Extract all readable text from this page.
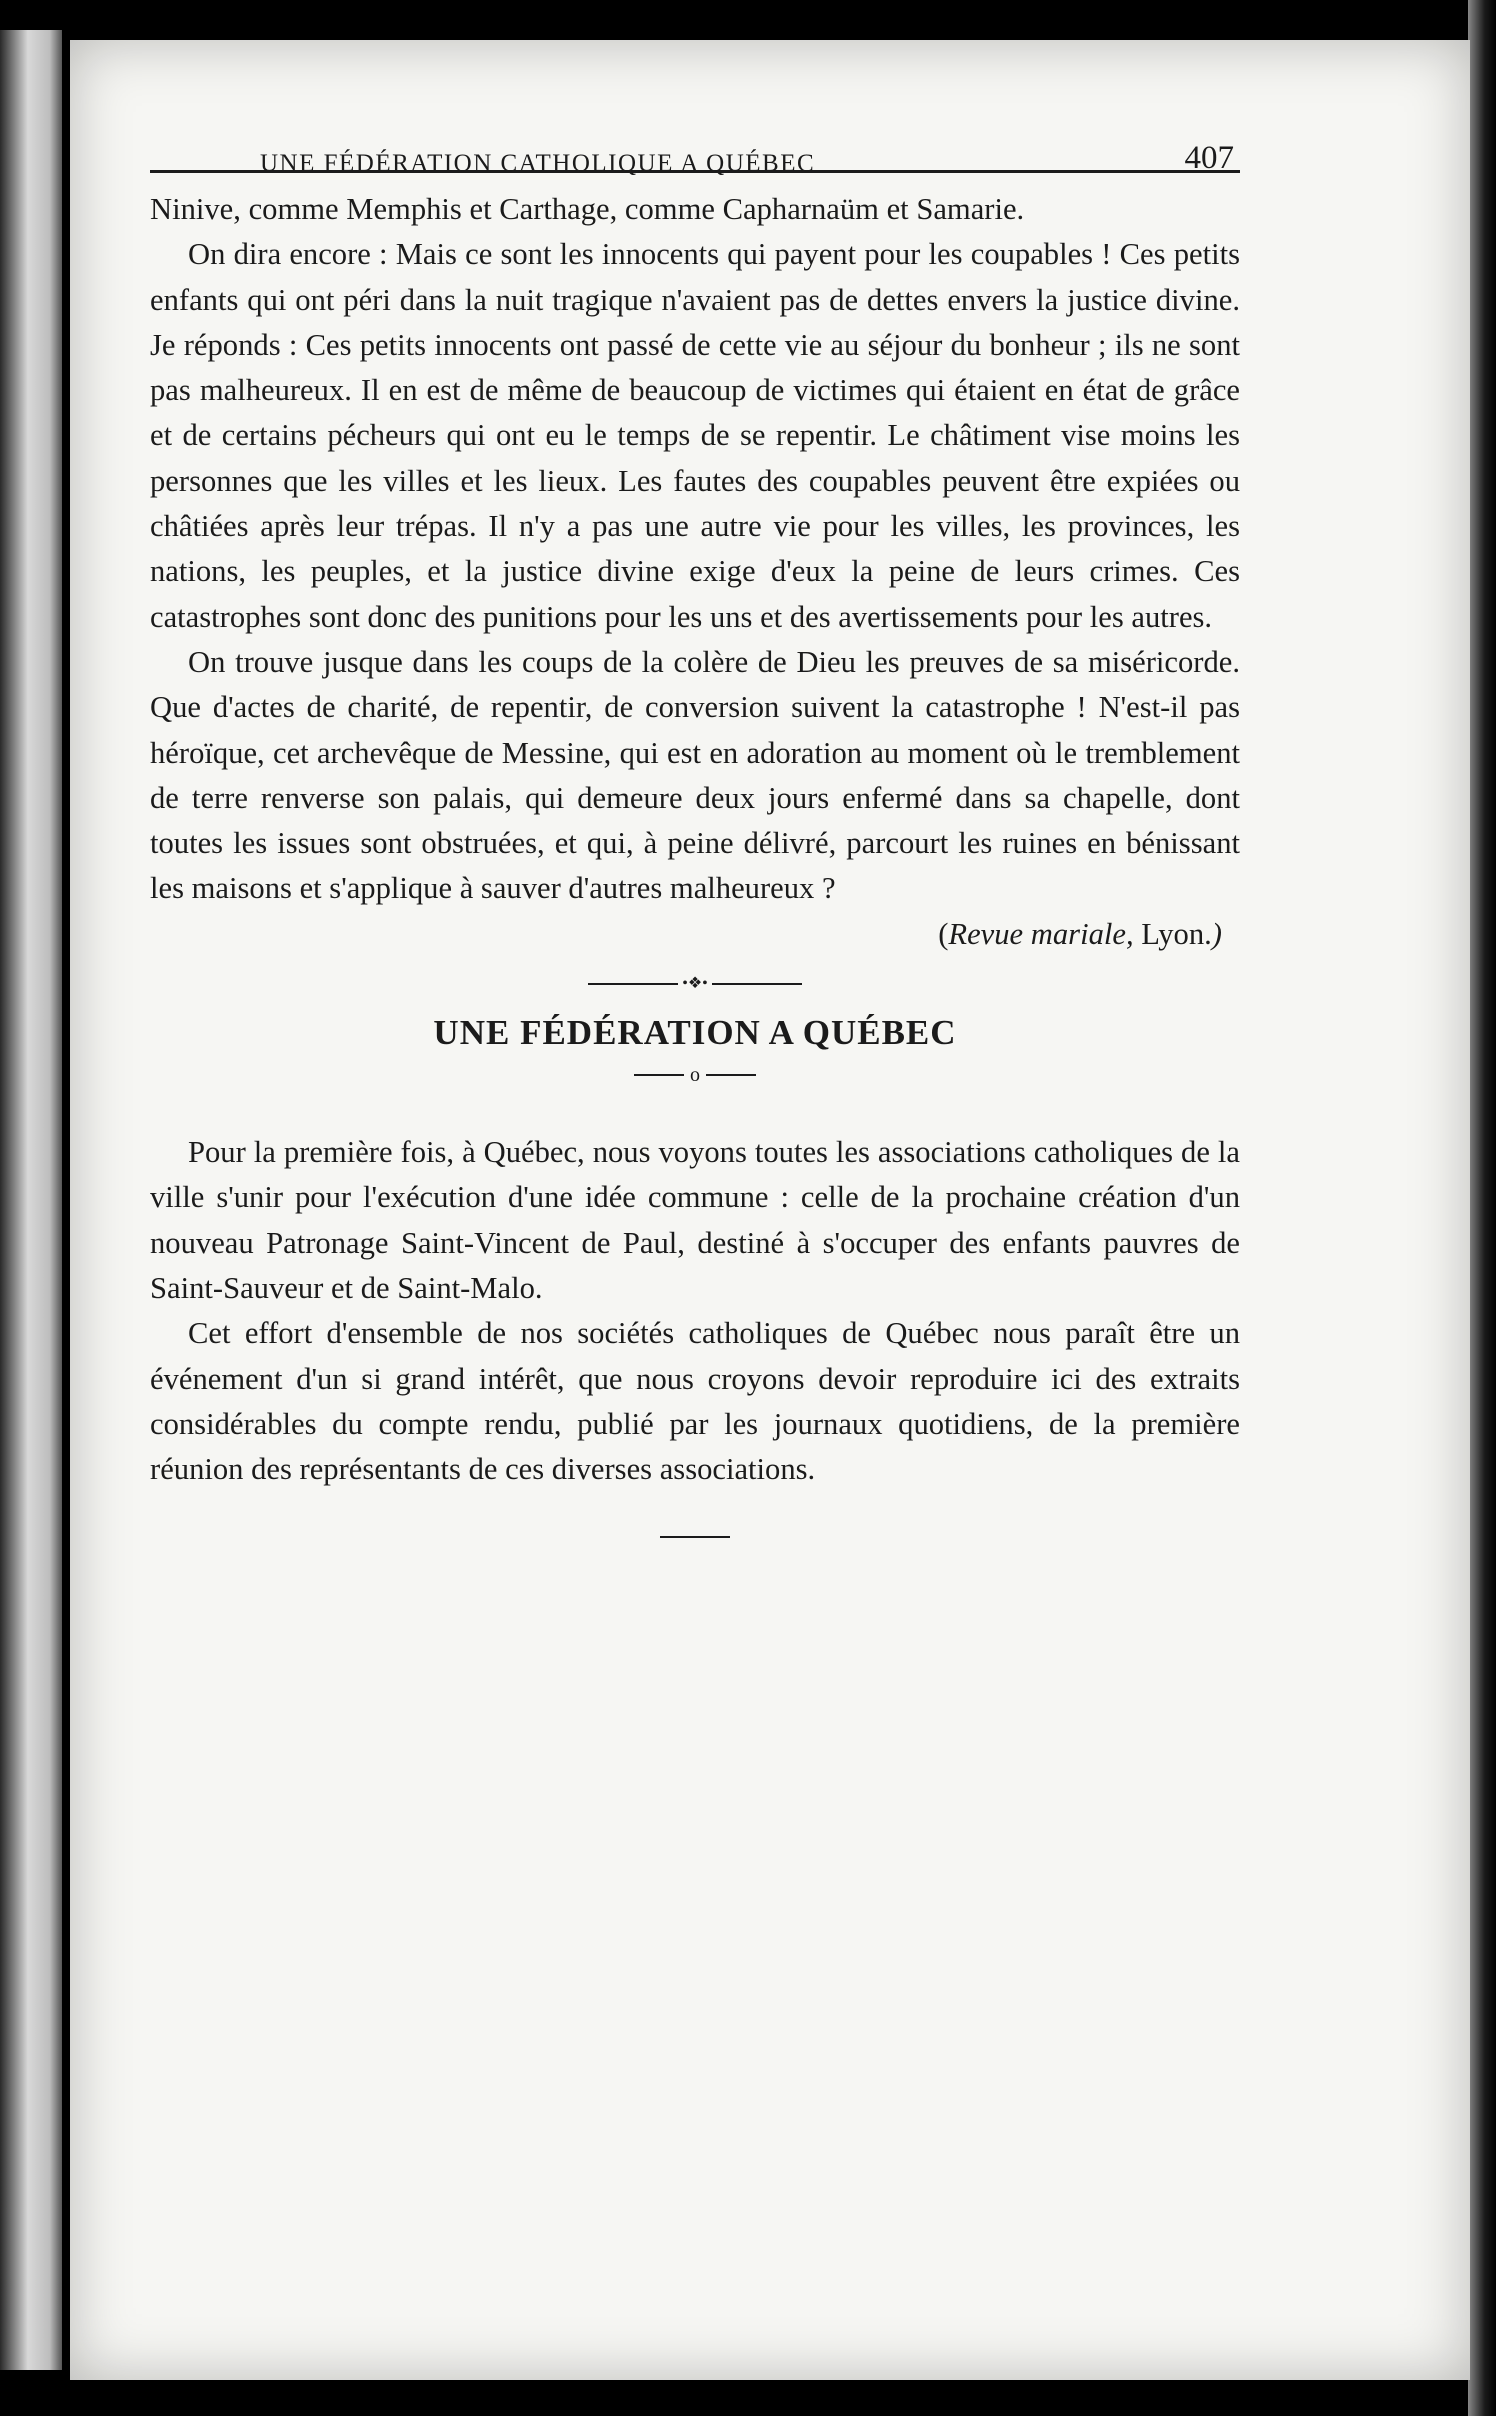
UNE FÉDÉRATION CATHOLIQUE A QUÉBEC	407

Ninive, comme Memphis et Carthage, comme Capharnaüm et Samarie.

On dira encore : Mais ce sont les innocents qui payent pour les coupables ! Ces petits enfants qui ont péri dans la nuit tragique n'avaient pas de dettes envers la justice divine. Je réponds : Ces petits innocents ont passé de cette vie au séjour du bonheur ; ils ne sont pas malheureux. Il en est de même de beaucoup de victimes qui étaient en état de grâce et de certains pécheurs qui ont eu le temps de se repentir. Le châtiment vise moins les personnes que les villes et les lieux. Les fautes des coupables peuvent être expiées ou châtiées après leur trépas. Il n'y a pas une autre vie pour les villes, les provinces, les nations, les peuples, et la justice divine exige d'eux la peine de leurs crimes. Ces catastrophes sont donc des punitions pour les uns et des avertissements pour les autres.

On trouve jusque dans les coups de la colère de Dieu les preuves de sa miséricorde. Que d'actes de charité, de repentir, de conversion suivent la catastrophe ! N'est-il pas héroïque, cet archevêque de Messine, qui est en adoration au moment où le tremblement de terre renverse son palais, qui demeure deux jours enfermé dans sa chapelle, dont toutes les issues sont obstruées, et qui, à peine délivré, parcourt les ruines en bénissant les maisons et s'applique à sauver d'autres malheureux ?

(Revue mariale, Lyon.)
•❖•
UNE FÉDÉRATION A QUÉBEC
o

Pour la première fois, à Québec, nous voyons toutes les associations catholiques de la ville s'unir pour l'exécution d'une idée commune : celle de la prochaine création d'un nouveau Patronage Saint-Vincent de Paul, destiné à s'occuper des enfants pauvres de Saint-Sauveur et de Saint-Malo.

Cet effort d'ensemble de nos sociétés catholiques de Québec nous paraît être un événement d'un si grand intérêt, que nous croyons devoir reproduire ici des extraits considérables du compte rendu, publié par les journaux quotidiens, de la première réunion des représentants de ces diverses associations.
